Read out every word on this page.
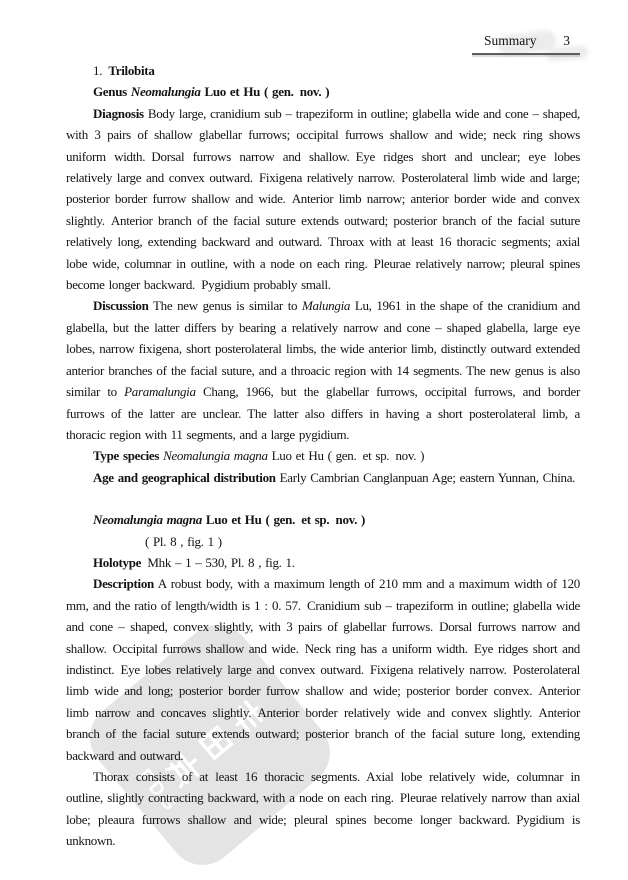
Summary 3
PDG

1. Trilobita

Genus Neomalungia Luo et Hu ( gen. nov. )

Diagnosis Body large, cranidium sub – trapeziform in outline; glabella wide and cone – shaped, with 3 pairs of shallow glabellar furrows; occipital furrows shallow and wide; neck ring shows uniform width. Dorsal furrows narrow and shallow. Eye ridges short and unclear; eye lobes relatively large and convex outward. Fixigena relatively narrow. Posterolateral limb wide and large; posterior border furrow shallow and wide. Anterior limb narrow; anterior border wide and convex slightly. Anterior branch of the facial suture extends outward; posterior branch of the facial suture relatively long, extending backward and outward. Throax with at least 16 thoracic segments; axial lobe wide, columnar in outline, with a node on each ring. Pleurae relatively narrow; pleural spines become longer backward. Pygidium probably small.

Discussion The new genus is similar to Malungia Lu, 1961 in the shape of the cranidium and glabella, but the latter differs by bearing a relatively narrow and cone – shaped glabella, large eye lobes, narrow fixigena, short posterolateral limbs, the wide anterior limb, distinctly outward extended anterior branches of the facial suture, and a throacic region with 14 segments. The new genus is also similar to Paramalungia Chang, 1966, but the glabellar furrows, occipital furrows, and border furrows of the latter are unclear. The latter also differs in having a short posterolateral limb, a thoracic region with 11 segments, and a large pygidium.

Type species Neomalungia magna Luo et Hu ( gen. et sp. nov. )

Age and geographical distribution Early Cambrian Canglanpuan Age; eastern Yunnan, China.

Neomalungia magna Luo et Hu ( gen. et sp. nov. )

( Pl. 8 , fig. 1 )

Holotype Mhk – 1 – 530, Pl. 8 , fig. 1.

Description A robust body, with a maximum length of 210 mm and a maximum width of 120 mm, and the ratio of length/width is 1 : 0. 57. Cranidium sub – trapeziform in outline; glabella wide and cone – shaped, convex slightly, with 3 pairs of glabellar furrows. Dorsal furrows narrow and shallow. Occipital furrows shallow and wide. Neck ring has a uniform width. Eye ridges short and indistinct. Eye lobes relatively large and convex outward. Fixigena relatively narrow. Posterolateral limb wide and long; posterior border furrow shallow and wide; posterior border convex. Anterior limb narrow and concaves slightly. Anterior border relatively wide and convex slightly. Anterior branch of the facial suture extends outward; posterior branch of the facial suture long, extending backward and outward.

Thorax consists of at least 16 thoracic segments. Axial lobe relatively wide, columnar in outline, slightly contracting backward, with a node on each ring. Pleurae relatively narrow than axial lobe; pleaura furrows shallow and wide; pleural spines become longer backward. Pygidium is unknown.
